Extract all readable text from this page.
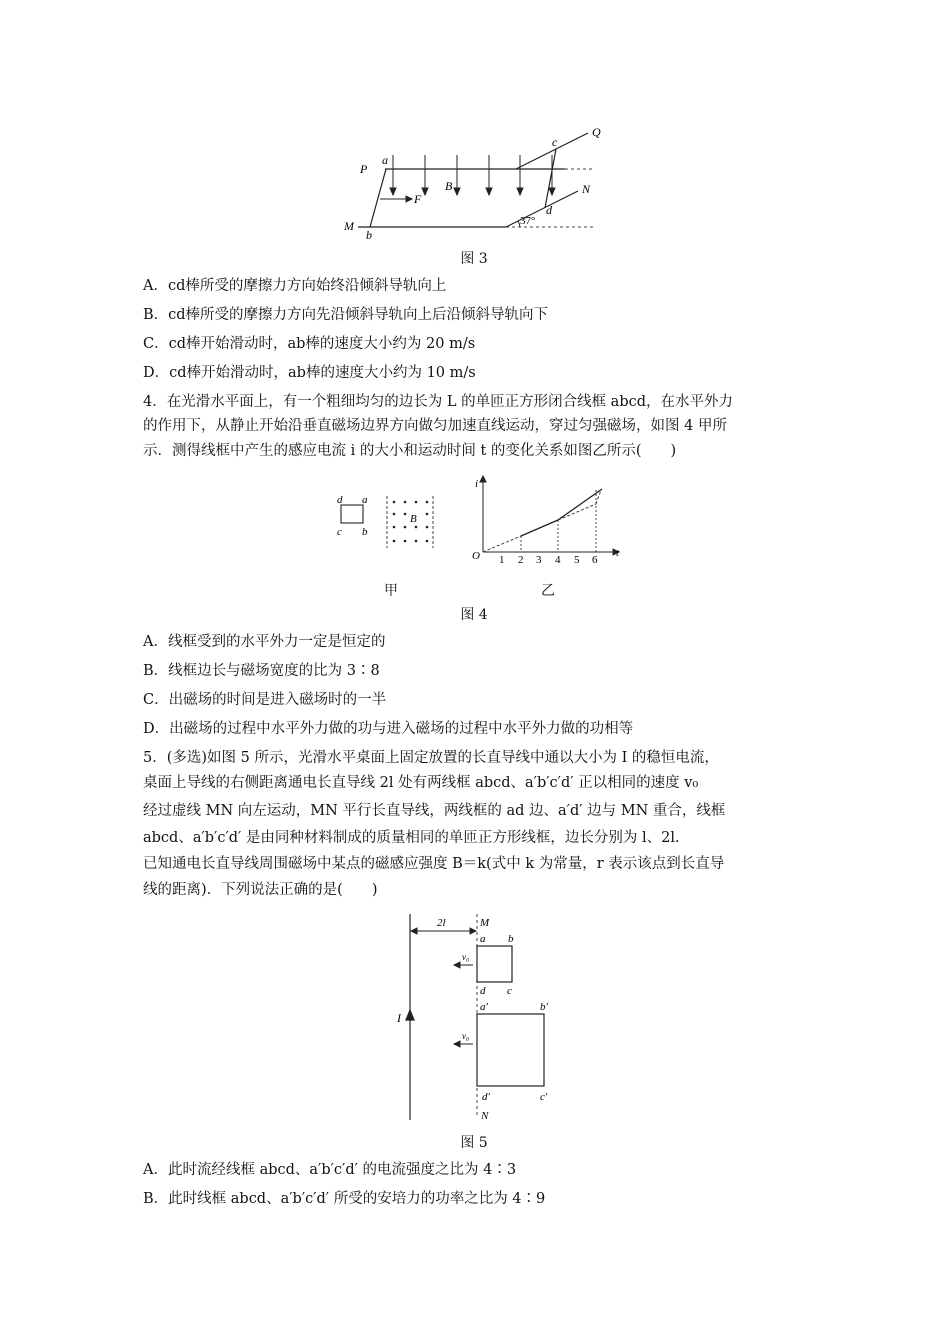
P
Q
M
N
a
b
c
d
B
F
37°
图 3
A．cd棒所受的摩擦力方向始终沿倾斜导轨向上
B．cd棒所受的摩擦力方向先沿倾斜导轨向上后沿倾斜导轨向下
C．cd棒开始滑动时，ab棒的速度大小约为 20 m/s
D．cd棒开始滑动时，ab棒的速度大小约为 10 m/s
4．在光滑水平面上，有一个粗细均匀的边长为 L 的单匝正方形闭合线框 abcd，在水平外力
的作用下，从静止开始沿垂直磁场边界方向做匀加速直线运动，穿过匀强磁场，如图 4 甲所
示．测得线框中产生的感应电流 i 的大小和运动时间 t 的变化关系如图乙所示(　　)
d a
c b
B
i
t
O 1 2 3 4 5 6
甲	乙
图 4
A．线框受到的水平外力一定是恒定的
B．线框边长与磁场宽度的比为 3∶8
C．出磁场的时间是进入磁场时的一半
D．出磁场的过程中水平外力做的功与进入磁场的过程中水平外力做的功相等
5．(多选)如图 5 所示，光滑水平桌面上固定放置的长直导线中通以大小为 I 的稳恒电流，
桌面上导线的右侧距离通电长直导线 2l 处有两线框 abcd、a′b′c′d′ 正以相同的速度 v₀
经过虚线 MN 向左运动，MN 平行长直导线，两线框的 ad 边、a′d′ 边与 MN 重合，线框
abcd、a′b′c′d′ 是由同种材料制成的质量相同的单匝正方形线框，边长分别为 l、2l.
已知通电长直导线周围磁场中某点的磁感应强度 B＝k(式中 k 为常量，r 表示该点到长直导
线的距离)．下列说法正确的是(　　)
2l	M
N
I
v₀
v₀
a b
d c
a′	b′
d′	c′
图 5
A．此时流经线框 abcd、a′b′c′d′ 的电流强度之比为 4∶3
B．此时线框 abcd、a′b′c′d′ 所受的安培力的功率之比为 4∶9
